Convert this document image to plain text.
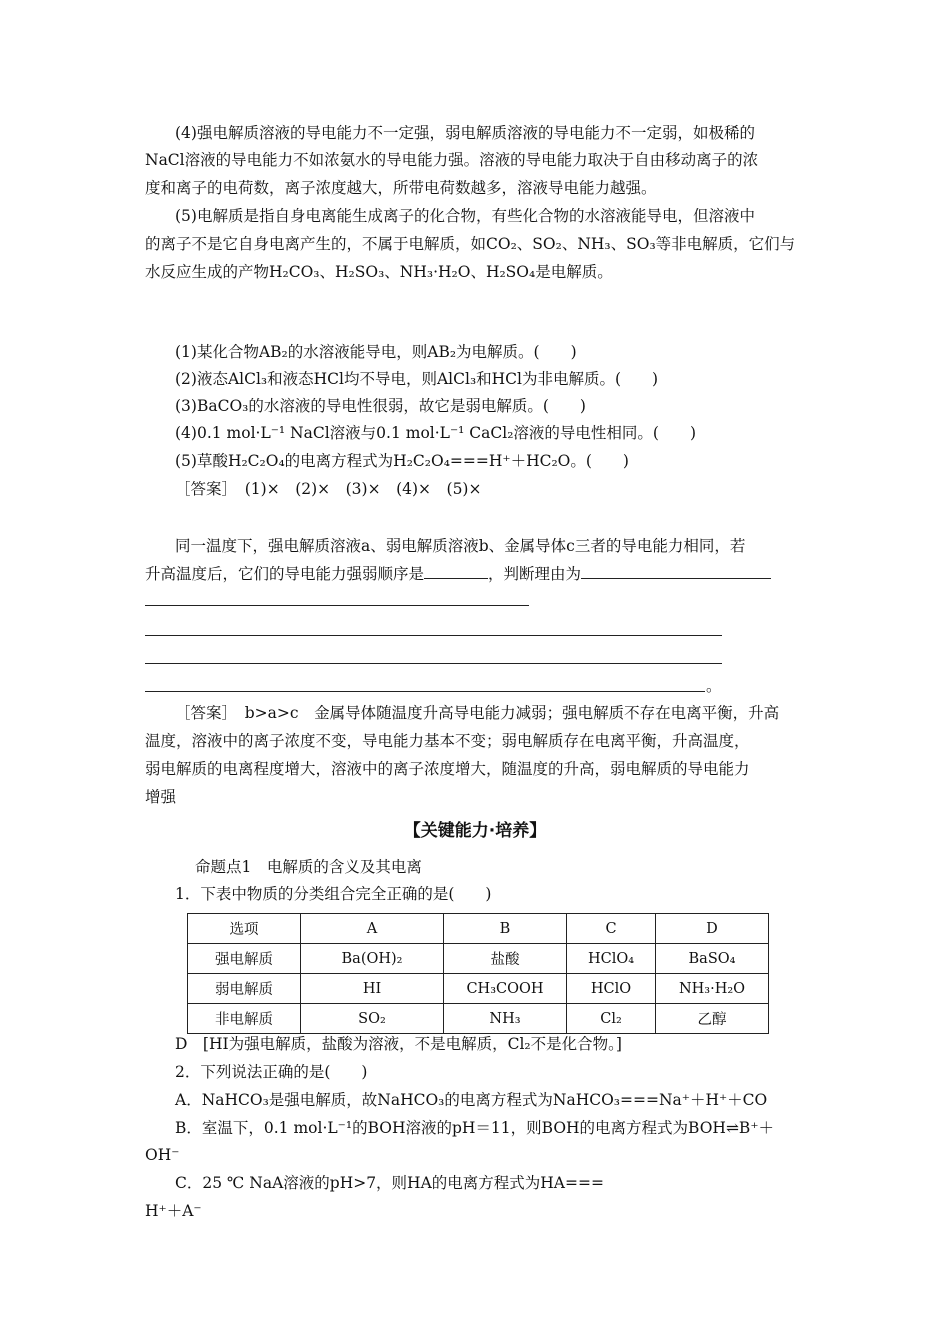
(4)强电解质溶液的导电能力不一定强，弱电解质溶液的导电能力不一定弱，如极稀的
NaCl溶液的导电能力不如浓氨水的导电能力强。溶液的导电能力取决于自由移动离子的浓
度和离子的电荷数，离子浓度越大，所带电荷数越多，溶液导电能力越强。
(5)电解质是指自身电离能生成离子的化合物，有些化合物的水溶液能导电，但溶液中
的离子不是它自身电离产生的，不属于电解质，如CO₂、SO₂、NH₃、SO₃等非电解质，它们与
水反应生成的产物H₂CO₃、H₂SO₃、NH₃·H₂O、H₂SO₄是电解质。
(1)某化合物AB₂的水溶液能导电，则AB₂为电解质。(　　)
(2)液态AlCl₃和液态HCl均不导电，则AlCl₃和HCl为非电解质。(　　)
(3)BaCO₃的水溶液的导电性很弱，故它是弱电解质。(　　)
(4)0.1 mol·L⁻¹ NaCl溶液与0.1 mol·L⁻¹ CaCl₂溶液的导电性相同。(　　)
(5)草酸H₂C₂O₄的电离方程式为H₂C₂O₄===H⁺＋HC₂O。(　　)
［答案］　(1)×　(2)×　(3)×　(4)×　(5)×
同一温度下，强电解质溶液a、弱电解质溶液b、金属导体c三者的导电能力相同，若
升高温度后，它们的导电能力强弱顺序是	，判断理由为
。
［答案］　b>a>c　金属导体随温度升高导电能力减弱；强电解质不存在电离平衡，升高
温度，溶液中的离子浓度不变，导电能力基本不变；弱电解质存在电离平衡，升高温度，
弱电解质的电离程度增大，溶液中的离子浓度增大，随温度的升高，弱电解质的导电能力
增强
【关键能力·培养】
命题点1　电解质的含义及其电离
1．下表中物质的分类组合完全正确的是(　　)
选项	A	B	C	D
强电解质	Ba(OH)₂	盐酸	HClO₄	BaSO₄
弱电解质	HI	CH₃COOH	HClO	NH₃·H₂O
非电解质	SO₂	NH₃	Cl₂	乙醇
D　[HI为强电解质，盐酸为溶液，不是电解质，Cl₂不是化合物。]
2．下列说法正确的是(　　)
A．NaHCO₃是强电解质，故NaHCO₃的电离方程式为NaHCO₃===Na⁺＋H⁺＋CO
B．室温下，0.1 mol·L⁻¹的BOH溶液的pH＝11，则BOH的电离方程式为BOH⇌B⁺＋
OH⁻
C．25 ℃ NaA溶液的pH>7，则HA的电离方程式为HA===
H⁺＋A⁻
